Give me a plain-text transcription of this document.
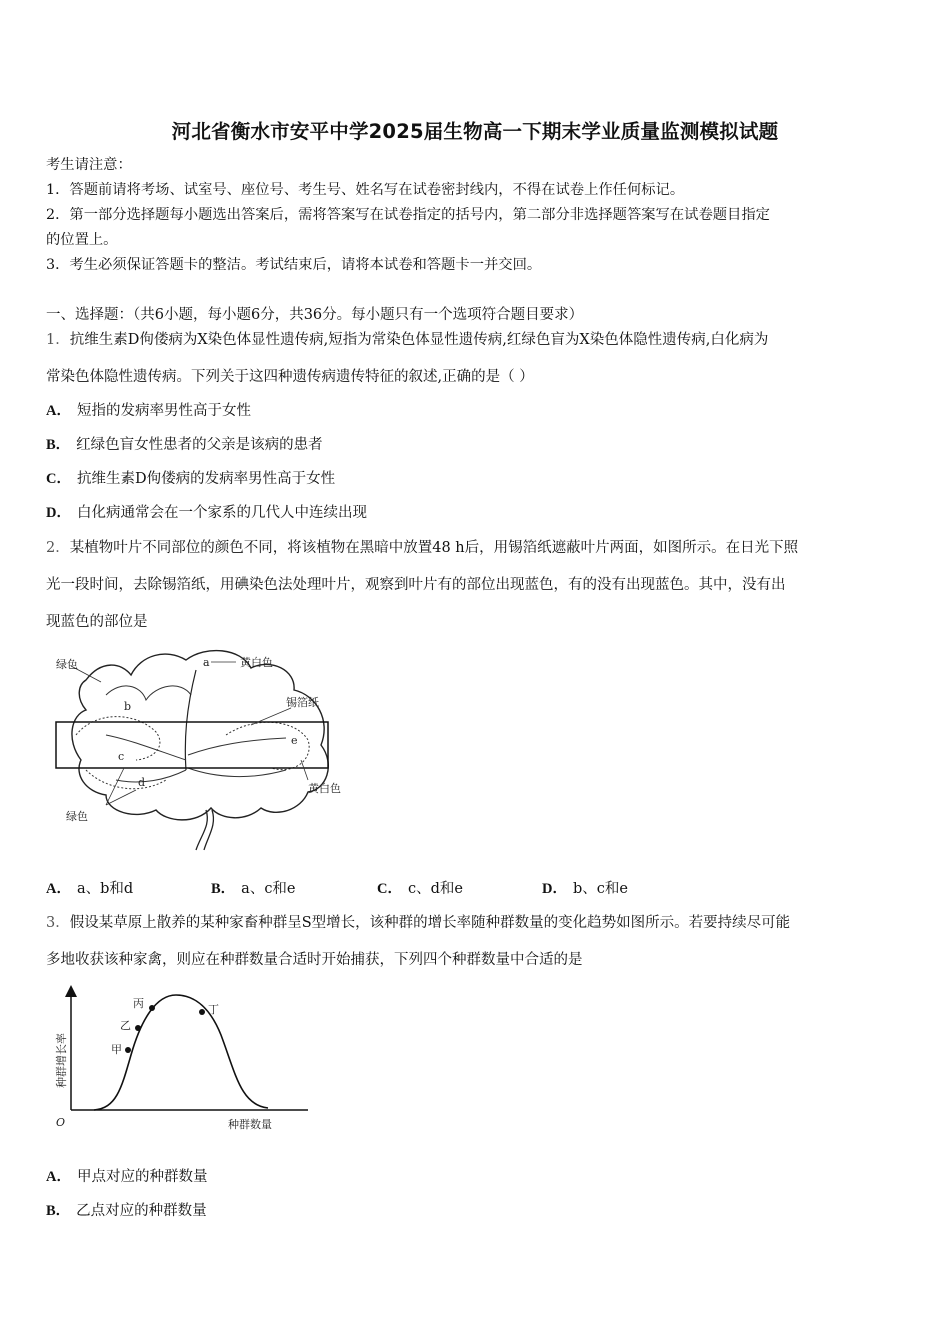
河北省衡水市安平中学2025届生物高一下期末学业质量监测模拟试题
考生请注意：
1．答题前请将考场、试室号、座位号、考生号、姓名写在试卷密封线内，不得在试卷上作任何标记。
2．第一部分选择题每小题选出答案后，需将答案写在试卷指定的括号内，第二部分非选择题答案写在试卷题目指定
的位置上。
3．考生必须保证答题卡的整洁。考试结束后，请将本试卷和答题卡一并交回。
一、选择题：（共6小题，每小题6分，共36分。每小题只有一个选项符合题目要求）
1．抗维生素D佝偻病为X染色体显性遗传病,短指为常染色体显性遗传病,红绿色盲为X染色体隐性遗传病,白化病为
常染色体隐性遗传病。下列关于这四种遗传病遗传特征的叙述,正确的是（ ）
A． 短指的发病率男性高于女性
B． 红绿色盲女性患者的父亲是该病的患者
C． 抗维生素D佝偻病的发病率男性高于女性
D． 白化病通常会在一个家系的几代人中连续出现
2．某植物叶片不同部位的颜色不同，将该植物在黑暗中放置48 h后，用锡箔纸遮蔽叶片两面，如图所示。在日光下照
光一段时间，去除锡箔纸，用碘染色法处理叶片，观察到叶片有的部位出现蓝色，有的没有出现蓝色。其中，没有出
现蓝色的部位是
绿色	a	黄白色
b	锡箔纸
e
c
d	黄白色
绿色
A． a、b和d	B． a、c和e	C． c、d和e	D． b、c和e
3．假设某草原上散养的某种家畜种群呈S型增长，该种群的增长率随种群数量的变化趋势如图所示。若要持续尽可能
多地收获该种家禽，则应在种群数量合适时开始捕获，下列四个种群数量中合适的是
甲
乙
丙	丁
O	种群数量
种群增长率
A． 甲点对应的种群数量
B． 乙点对应的种群数量
